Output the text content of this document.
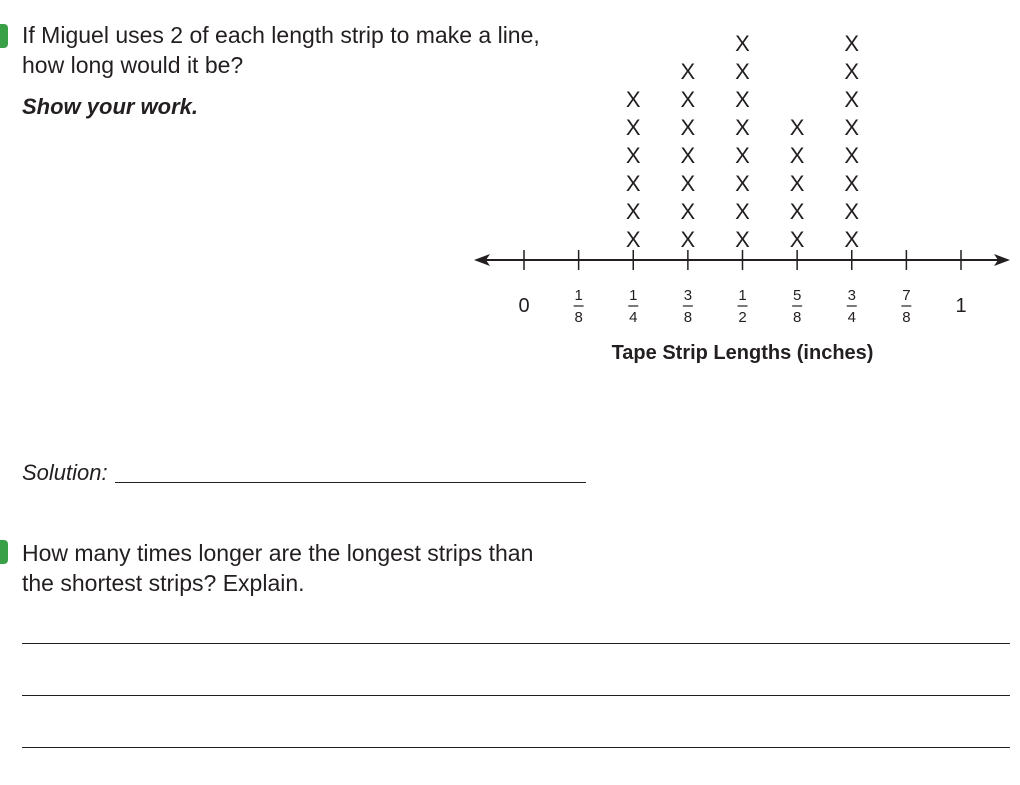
If Miguel uses 2 of each length strip to make a line,
how long would it be?

Show your work.
0	1
8
1
4
3
8
1
2
5
8
3
4
7
8
1
X
X
X
X
X
X
X
X
X
X
X
X
X
X
X
X
X
X
X
X
X
X
X
X
X
X
X
X
X
X
X
X
X
X
Tape Strip Lengths (inches)
Solution:

How many times longer are the longest strips than
the shortest strips? Explain.
